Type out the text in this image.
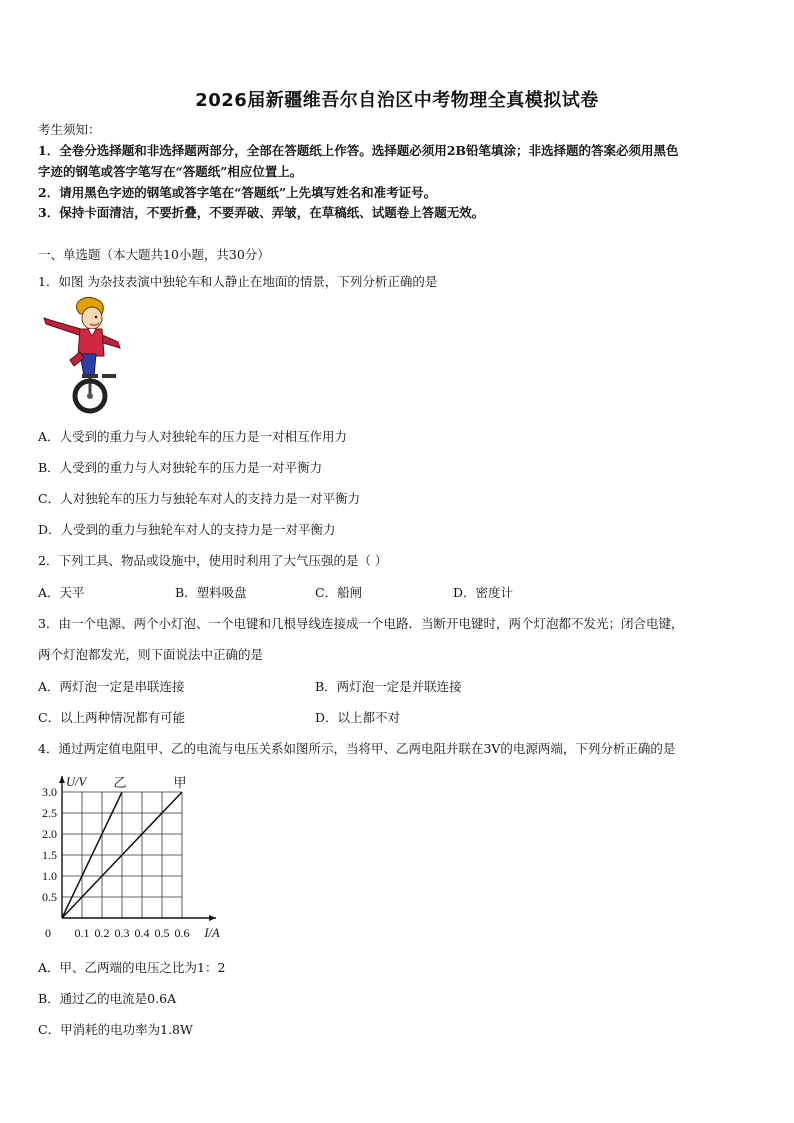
2026届新疆维吾尔自治区中考物理全真模拟试卷
考生须知：
1．全卷分选择题和非选择题两部分，全部在答题纸上作答。选择题必须用2B铅笔填涂；非选择题的答案必须用黑色
字迹的钢笔或答字笔写在“答题纸”相应位置上。
2．请用黑色字迹的钢笔或答字笔在“答题纸”上先填写姓名和准考证号。
3．保持卡面清洁，不要折叠，不要弄破、弄皱，在草稿纸、试题卷上答题无效。
一、单选题（本大题共10小题，共30分）
1．如图 为杂技表演中独轮车和人静止在地面的情景，下列分析正确的是
A．人受到的重力与人对独轮车的压力是一对相互作用力
B．人受到的重力与人对独轮车的压力是一对平衡力
C．人对独轮车的压力与独轮车对人的支持力是一对平衡力
D．人受到的重力与独轮车对人的支持力是一对平衡力
2．下列工具、物品或设施中，使用时利用了大气压强的是（ ）
A．天平	B．塑料吸盘	C．船闸	D．密度计
3．由一个电源、两个小灯泡、一个电键和几根导线连接成一个电路．当断开电键时，两个灯泡都不发光；闭合电键，
两个灯泡都发光，则下面说法中正确的是
A．两灯泡一定是串联连接	B．两灯泡一定是并联连接
C．以上两种情况都有可能	D．以上都不对
4．通过两定值电阻甲、乙的电流与电压关系如图所示，当将甲、乙两电阻并联在3V的电源两端，下列分析正确的是
乙	甲
0.1 0.2 0.3 0.4 0.5 0.6
0.5
1.0
1.5
2.0
2.5
3.0
0	I/A
U/V
A．甲、乙两端的电压之比为1：2
B．通过乙的电流是0.6A
C．甲消耗的电功率为1.8W
